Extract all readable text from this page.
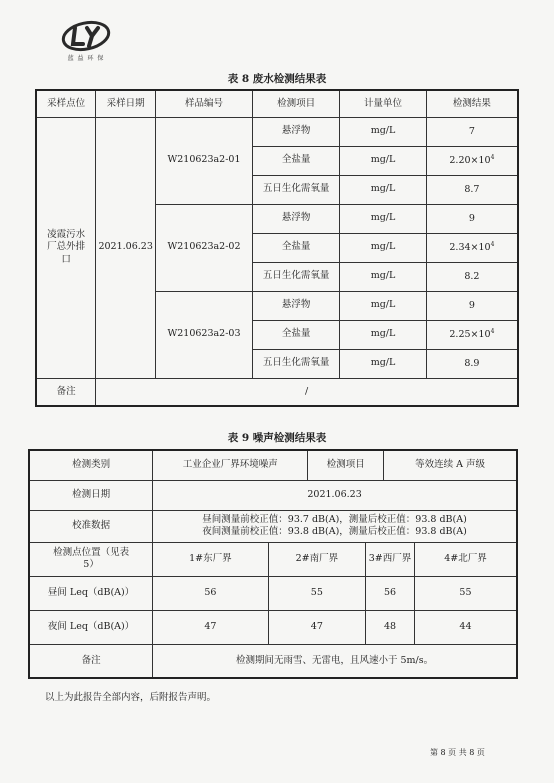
蓝 益 环 保
表 8 废水检测结果表
采样点位	采样日期	样品编号	检测项目	计量单位	检测结果
凌霞污水厂总外排口	2021.06.23	W210623a2-01	悬浮物	mg/L	7
			全盐量	mg/L	$2.20\times 10^4$
			五日生化需氧量	mg/L	8.7
		W210623a2-02	悬浮物	mg/L	9
			全盐量	mg/L	$2.34\times 10^4$
			五日生化需氧量	mg/L	8.2
		W210623a2-03	悬浮物	mg/L	9
			全盐量	mg/L	$2.25\times 10^4$
			五日生化需氧量	mg/L	8.9
备注	/				
表 9 噪声检测结果表
检测类别	工业企业厂界环境噪声		检测项目		等效连续 A 声级	
检测日期	2021.06.23					
校准数据	昼间测量前校正值：93.7 dB(A)，测量后校正值：93.8 dB(A)
夜间测量前校正值：93.8 dB(A)，测量后校正值：93.8 dB(A)					

检测点位置（见表 5）	1#东厂界	2#南厂界		3#西厂界		4#北厂界
昼间 Leq（dB(A)）	56	55		56		55
夜间 Leq（dB(A)）	47	47		48		44
备注	检测期间无雨雪、无雷电，且风速小于 5m/s。					
以上为此报告全部内容，后附报告声明。
第 8 页 共 8 页
